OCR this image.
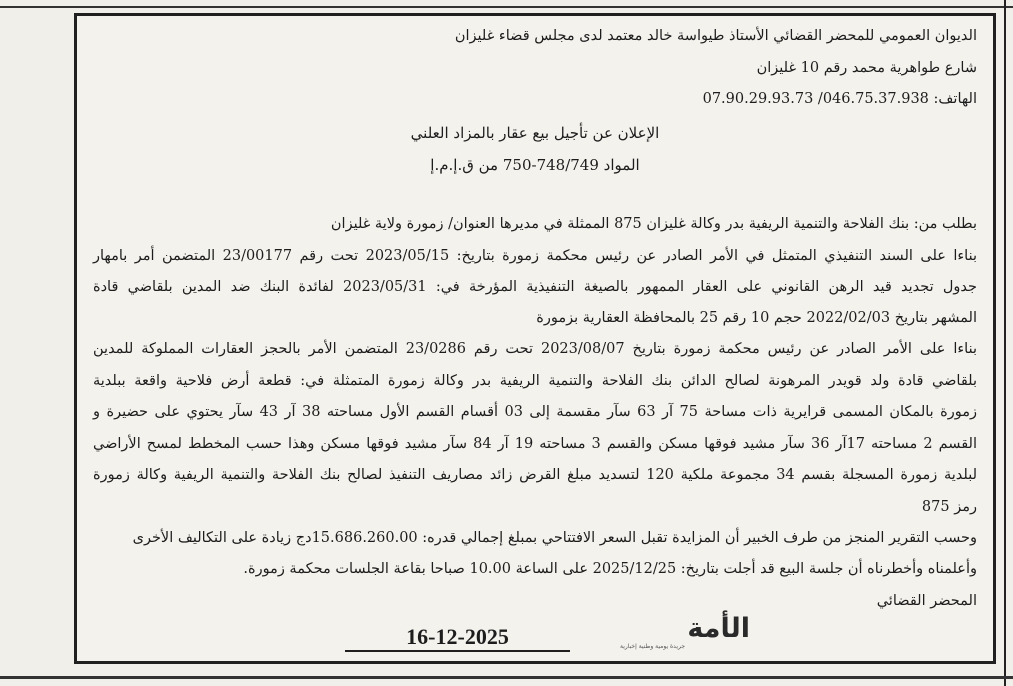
الديوان العمومي للمحضر القضائي الأستاذ طيواسة خالد معتمد لدى مجلس قضاء غليزان
شارع طواهرية محمد رقم 10 غليزان
الهاتف: 046.75.37.938/ 07.90.29.93.73
الإعلان عن تأجيل بيع عقار بالمزاد العلني
المواد 748/749-750 من ق.إ.م.إ
بطلب من: بنك الفلاحة والتنمية الريفية بدر وكالة غليزان 875 الممثلة في مديرها العنوان/ زمورة ولاية غليزان
بناءا على السند التنفيذي المتمثل في الأمر الصادر عن رئيس محكمة زمورة بتاريخ: 2023/05/15 تحت رقم 23/00177 المتضمن أمر بامهار
جدول تجديد قيد الرهن القانوني على العقار الممهور بالصيغة التنفيذية المؤرخة في: 2023/05/31 لفائدة البنك ضد المدين بلقاضي قادة
المشهر بتاريخ 2022/02/03 حجم 10 رقم 25 بالمحافظة العقارية بزمورة
بناءا على الأمر الصادر عن رئيس محكمة زمورة بتاريخ 2023/08/07 تحت رقم 23/0286 المتضمن الأمر بالحجز العقارات المملوكة للمدين
بلقاضي قادة ولد قويدر المرهونة لصالح الدائن بنك الفلاحة والتنمية الريفية بدر وكالة زمورة المتمثلة في: قطعة أرض فلاحية واقعة ببلدية
زمورة بالمكان المسمى قرايرية ذات مساحة 75 آر 63 سآر مقسمة إلى 03 أقسام القسم الأول مساحته 38 آر 43 سآر يحتوي على حضيرة و
القسم 2 مساحته 17آر 36 سآر مشيد فوقها مسكن والقسم 3 مساحته 19 آر 84 سآر مشيد فوقها مسكن وهذا حسب المخطط لمسح الأراضي
لبلدية زمورة المسجلة بقسم 34 مجموعة ملكية 120 لتسديد مبلغ القرض زائد مصاريف التنفيذ لصالح بنك الفلاحة والتنمية الريفية وكالة زمورة
رمز 875
وحسب التقرير المنجز من طرف الخبير أن المزايدة تقبل السعر الافتتاحي بمبلغ إجمالي قدره: 15.686.260.00دج زيادة على التكاليف الأخرى
وأعلمناه وأخطرناه أن جلسة البيع قد أجلت بتاريخ: 2025/12/25 على الساعة 10.00 صباحا بقاعة الجلسات محكمة زمورة.
المحضر القضائي
الأمة
جريدة يومية وطنية إخبارية
16-12-2025
